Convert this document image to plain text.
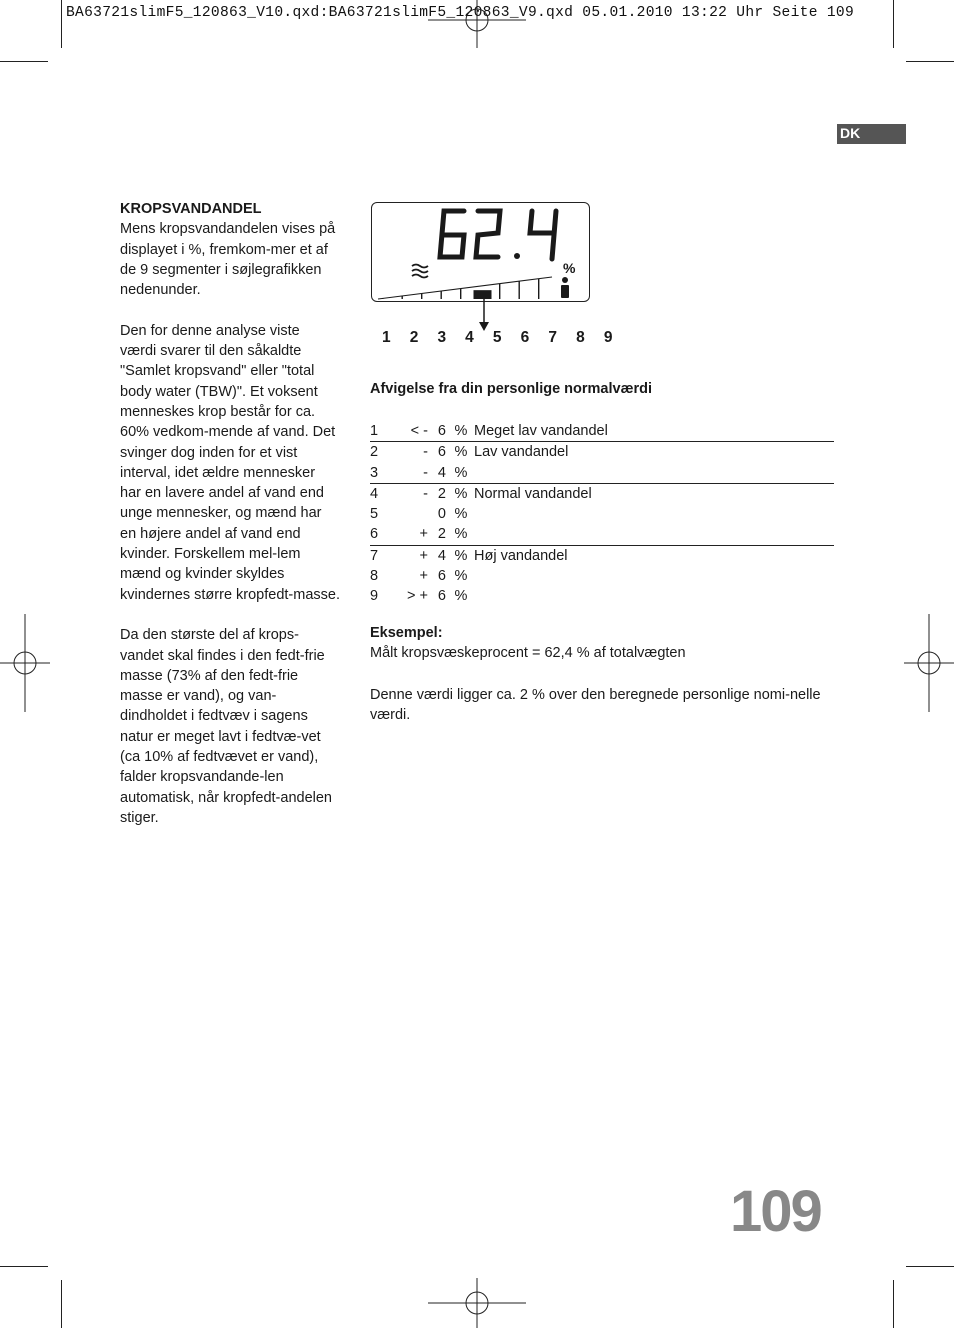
BA63721slimF5_120863_V10.qxd:BA63721slimF5_120863_V9.qxd 05.01.2010 13:22 Uhr Seite 109
DK

KROPSVANDANDEL
Mens kropsvandandelen vises på displayet i %, fremkom-mer et af de 9 segmenter i søjlegrafikken nedenunder.

Den for denne analyse viste værdi svarer til den såkaldte "Samlet kropsvand" eller "total body water (TBW)". Et voksent menneskes krop består for ca. 60% vedkom-mende af vand. Det svinger dog inden for et vist interval, idet ældre mennesker har en lavere andel af vand end unge mennesker, og mænd har en højere andel af vand end kvinder. Forskellem mel-lem mænd og kvinder skyldes kvindernes større kropfedt-masse.

Da den største del af krops-vandet skal findes i den fedt-frie masse (73% af den fedt-frie masse er vand), og van-dindholdet i fedtvæv i sagens natur er meget lavt i fedtvæ-vet (ca 10% af fedtvævet er vand), falder kropsvandande-len automatisk, når kropfedt-andelen stiger.

%
1 2 3 4 5 6 7 8 9
Afvigelse fra din personlige normalværdi
1	< -	6	%	Meget lav vandandel
2	-	6	%	Lav vandandel
3	-	4	%	
4	-	2	%	Normal vandandel
5		0	%	
6	+	2	%	
7	+	4	%	Høj vandandel
8	+	6	%	
9	> +	6	%	
Eksempel:
Målt kropsvæskeprocent = 62,4 % af totalvægten
Denne værdi ligger ca. 2 % over den beregnede personlige nomi-nelle værdi.
109
